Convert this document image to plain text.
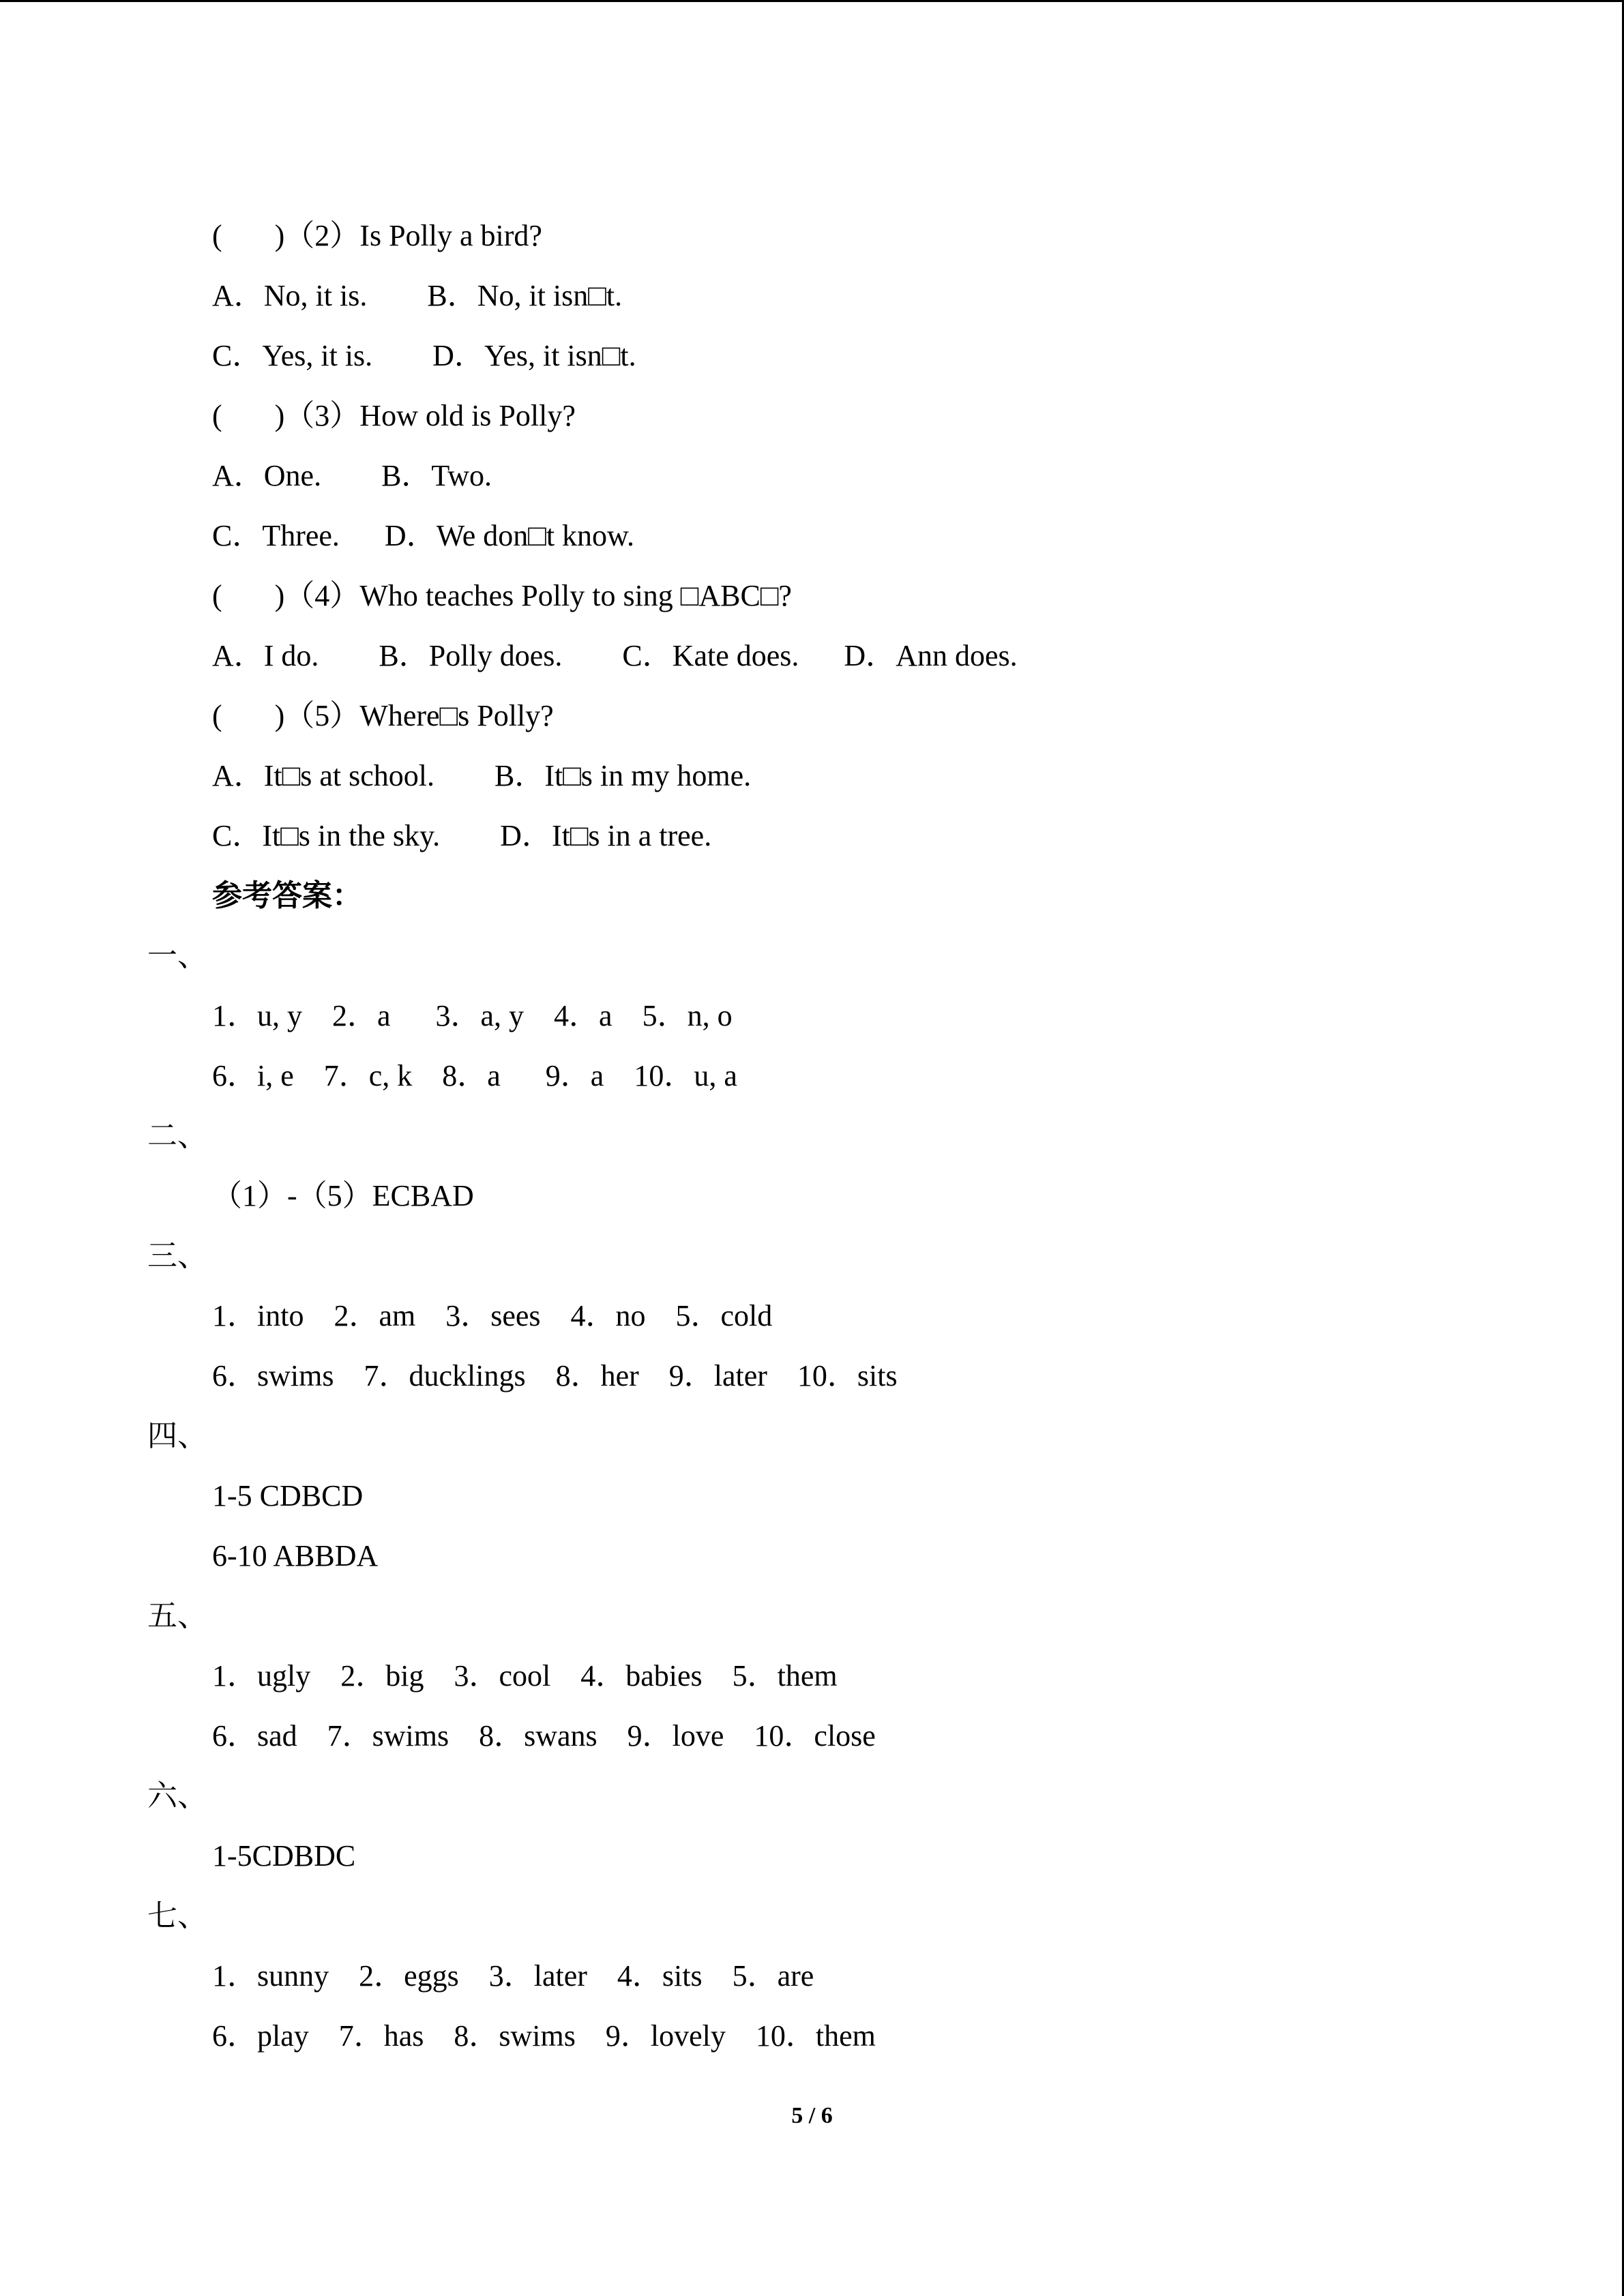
(       )（2）Is Polly a bird?
A．No, it is.        B．No, it isn□t.
C．Yes, it is.        D．Yes, it isn□t.
(       )（3）How old is Polly?
A．One.        B．Two.
C．Three.      D．We don□t know.
(       )（4）Who teaches Polly to sing □ABC□?
A．I do.        B．Polly does.        C．Kate does.      D．Ann does.
(       )（5）Where□s Polly?
A．It□s at school.        B．It□s in my home.
C．It□s in the sky.        D．It□s in a tree.
参考答案：
一、
1．u, y    2．a      3．a, y    4．a    5．n, o
6．i, e    7．c, k    8．a      9．a    10．u, a
二、
（1）-（5）ECBAD
三、
1．into    2．am    3．sees    4．no    5．cold
6．swims    7．ducklings    8．her    9．later    10．sits
四、
1-5 CDBCD
6-10 ABBDA
五、
1．ugly    2．big    3．cool    4．babies    5．them
6．sad    7．swims    8．swans    9．love    10．close
六、
1-5CDBDC
七、
1．sunny    2．eggs    3．later    4．sits    5．are
6．play    7．has    8．swims    9．lovely    10．them
5 / 6
